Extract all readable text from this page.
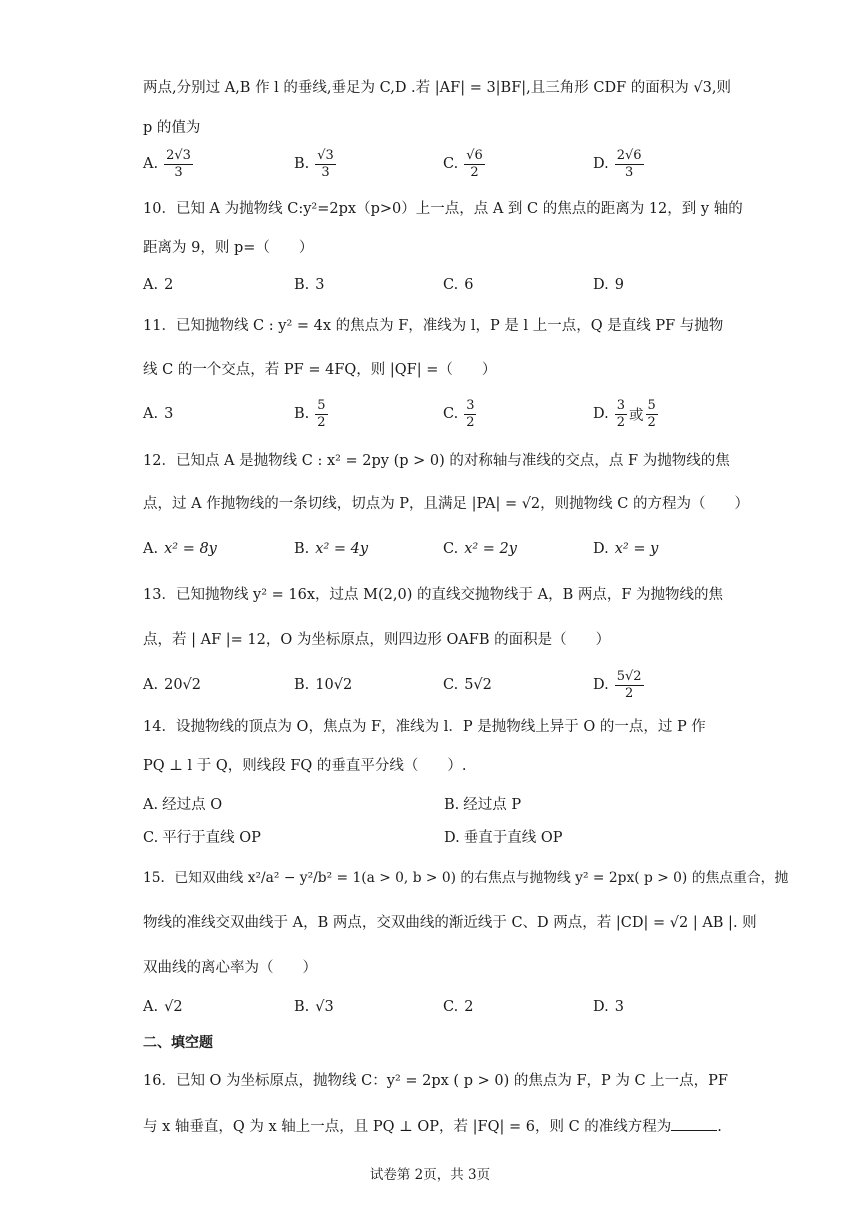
两点,分别过 A,B 作 l 的垂线,垂足为 C,D .若 |AF| = 3|BF|,且三角形 CDF 的面积为 √3,则
p 的值为
A. $\frac{2√3}{3}$	B. $\frac{√3}{3}$	C. $\frac{√6}{2}$	D. $\frac{2√6}{3}$
10．已知 A 为抛物线 C:y²=2px（p>0）上一点，点 A 到 C 的焦点的距离为 12，到 y 轴的
距离为 9，则 p=（　　）
A. 2	B. 3	C. 6	D. 9
11．已知抛物线 C : y² = 4x 的焦点为 F，准线为 l，P 是 l 上一点，Q 是直线 PF 与抛物
线 C 的一个交点，若 PF = 4FQ，则 |QF| =（　　）
A. 3	B. $\frac{5}{2}$	C. $\frac{3}{2}$	D. $\frac{3}{2}$ 或 $\frac{5}{2}$
12．已知点 A 是抛物线 C : x² = 2py (p > 0) 的对称轴与准线的交点，点 F 为抛物线的焦
点，过 A 作抛物线的一条切线，切点为 P，且满足 |PA| = √2，则抛物线 C 的方程为（　　）
A. x² = 8y	B. x² = 4y	C. x² = 2y	D. x² = y
13．已知抛物线 y² = 16x，过点 M(2,0) 的直线交抛物线于 A，B 两点，F 为抛物线的焦
点，若 | AF |= 12，O 为坐标原点，则四边形 OAFB 的面积是（　　）
A. 20√2	B. 10√2	C. 5√2	D. $\frac{5√2}{2}$
14．设抛物线的顶点为 O，焦点为 F，准线为 l．P 是抛物线上异于 O 的一点，过 P 作
PQ ⊥ l 于 Q，则线段 FQ 的垂直平分线（　　）.
A. 经过点 O	B. 经过点 P
C. 平行于直线 OP	D. 垂直于直线 OP
15．已知双曲线 x²/a² − y²/b² = 1(a > 0, b > 0) 的右焦点与抛物线 y² = 2px( p > 0) 的焦点重合，抛
物线的准线交双曲线于 A，B 两点，交双曲线的渐近线于 C、D 两点，若 |CD| = √2 | AB |. 则
双曲线的离心率为（　　）
A. √2	B. √3	C. 2	D. 3
二、填空题
16．已知 O 为坐标原点，抛物线 C：y² = 2px ( p > 0) 的焦点为 F，P 为 C 上一点，PF
与 x 轴垂直，Q 为 x 轴上一点，且 PQ ⊥ OP，若 |FQ| = 6，则 C 的准线方程为	.
试卷第 2页，共 3页
